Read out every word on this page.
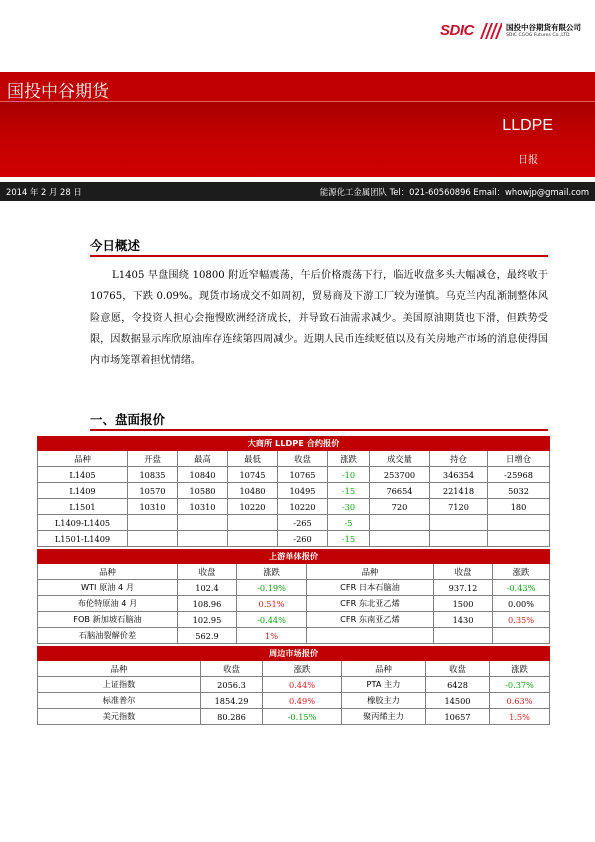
SDIC	国投中谷期货有限公司
SDIC CGOG Futures Co.,LTD
国投中谷期货
LLDPE
日报
2014 年 2 月 28 日	能源化工金属团队 Tel：021-60560896 Email：whowjp@gmail.com
今日概述

L1405 早盘围绕 10800 附近窄幅震荡，午后价格震荡下行，临近收盘多头大幅减仓，最终收于 10765，下跌 0.09%。现货市场成交不如周初，贸易商及下游工厂较为谨慎。乌克兰内乱渐制整体风险意愿，令投资人担心会拖慢欧洲经济成长，并导致石油需求减少。美国原油期货也下滑，但跌势受限，因数据显示库欣原油库存连续第四周减少。近期人民币连续贬值以及有关房地产市场的消息使得国内市场笼罩着担忧情绪。

一、盘面报价
大商所 LLDPE 合约报价								
品种	开盘	最高	最低	收盘	涨跌	成交量	持仓	日增仓
L1405	10835	10840	10745	10765	-10	253700	346354	-25968
L1409	10570	10580	10480	10495	-15	76654	221418	5032
L1501	10310	10310	10220	10220	-30	720	7120	180
L1409-L1405				-265	-5			
L1501-L1409				-260	-15			
上游单体报价					
品种	收盘	涨跌	品种	收盘	涨跌
WTI 原油 4 月	102.4	-0.19%	CFR 日本石脑油	937.12	-0.43%
布伦特原油 4 月	108.96	0.51%	CFR 东北亚乙烯	1500	0.00%
FOB 新加坡石脑油	102.95	-0.44%	CFR 东南亚乙烯	1430	0.35%
石脑油裂解价差	562.9	1%			
周边市场报价					
品种	收盘	涨跌	品种	收盘	涨跌
上证指数	2056.3	0.44%	PTA 主力	6428	-0.37%
标准普尔	1854.29	0.49%	橡胶主力	14500	0.63%
美元指数	80.286	-0.15%	聚丙烯主力	10657	1.5%
